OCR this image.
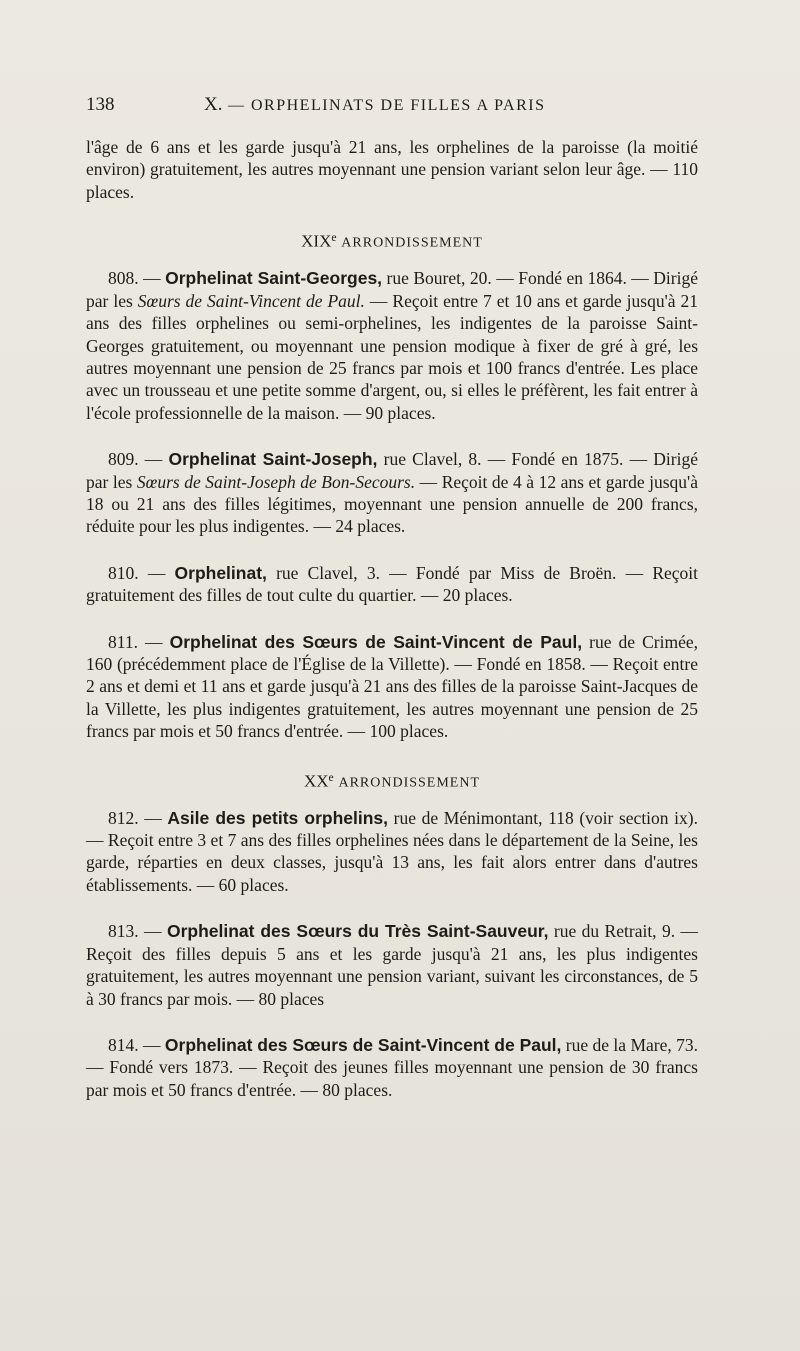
138	X. — ORPHELINATS DE FILLES A PARIS

l'âge de 6 ans et les garde jusqu'à 21 ans, les orphelines de la paroisse (la moitié environ) gratuitement, les autres moyennant une pension variant selon leur âge. — 110 places.

XIXe ARRONDISSEMENT

808. — Orphelinat Saint-Georges, rue Bouret, 20. — Fondé en 1864. — Dirigé par les Sœurs de Saint-Vincent de Paul. — Reçoit entre 7 et 10 ans et garde jusqu'à 21 ans des filles orphelines ou semi-orphelines, les indigentes de la paroisse Saint-Georges gratuitement, ou moyennant une pension modique à fixer de gré à gré, les autres moyennant une pension de 25 francs par mois et 100 francs d'entrée. Les place avec un trousseau et une petite somme d'argent, ou, si elles le préfèrent, les fait entrer à l'école professionnelle de la maison. — 90 places.

809. — Orphelinat Saint-Joseph, rue Clavel, 8. — Fondé en 1875. — Dirigé par les Sœurs de Saint-Joseph de Bon-Secours. — Reçoit de 4 à 12 ans et garde jusqu'à 18 ou 21 ans des filles légitimes, moyennant une pension annuelle de 200 francs, réduite pour les plus indigentes. — 24 places.

810. — Orphelinat, rue Clavel, 3. — Fondé par Miss de Broën. — Reçoit gratuitement des filles de tout culte du quartier. — 20 places.

811. — Orphelinat des Sœurs de Saint-Vincent de Paul, rue de Crimée, 160 (précédemment place de l'Église de la Villette). — Fondé en 1858. — Reçoit entre 2 ans et demi et 11 ans et garde jusqu'à 21 ans des filles de la paroisse Saint-Jacques de la Villette, les plus indigentes gratuitement, les autres moyennant une pension de 25 francs par mois et 50 francs d'entrée. — 100 places.

XXe ARRONDISSEMENT

812. — Asile des petits orphelins, rue de Ménimontant, 118 (voir section ix). — Reçoit entre 3 et 7 ans des filles orphelines nées dans le département de la Seine, les garde, réparties en deux classes, jusqu'à 13 ans, les fait alors entrer dans d'autres établissements. — 60 places.

813. — Orphelinat des Sœurs du Très Saint-Sauveur, rue du Retrait, 9. — Reçoit des filles depuis 5 ans et les garde jusqu'à 21 ans, les plus indigentes gratuitement, les autres moyennant une pension variant, suivant les circonstances, de 5 à 30 francs par mois. — 80 places

814. — Orphelinat des Sœurs de Saint-Vincent de Paul, rue de la Mare, 73. — Fondé vers 1873. — Reçoit des jeunes filles moyennant une pension de 30 francs par mois et 50 francs d'entrée. — 80 places.
